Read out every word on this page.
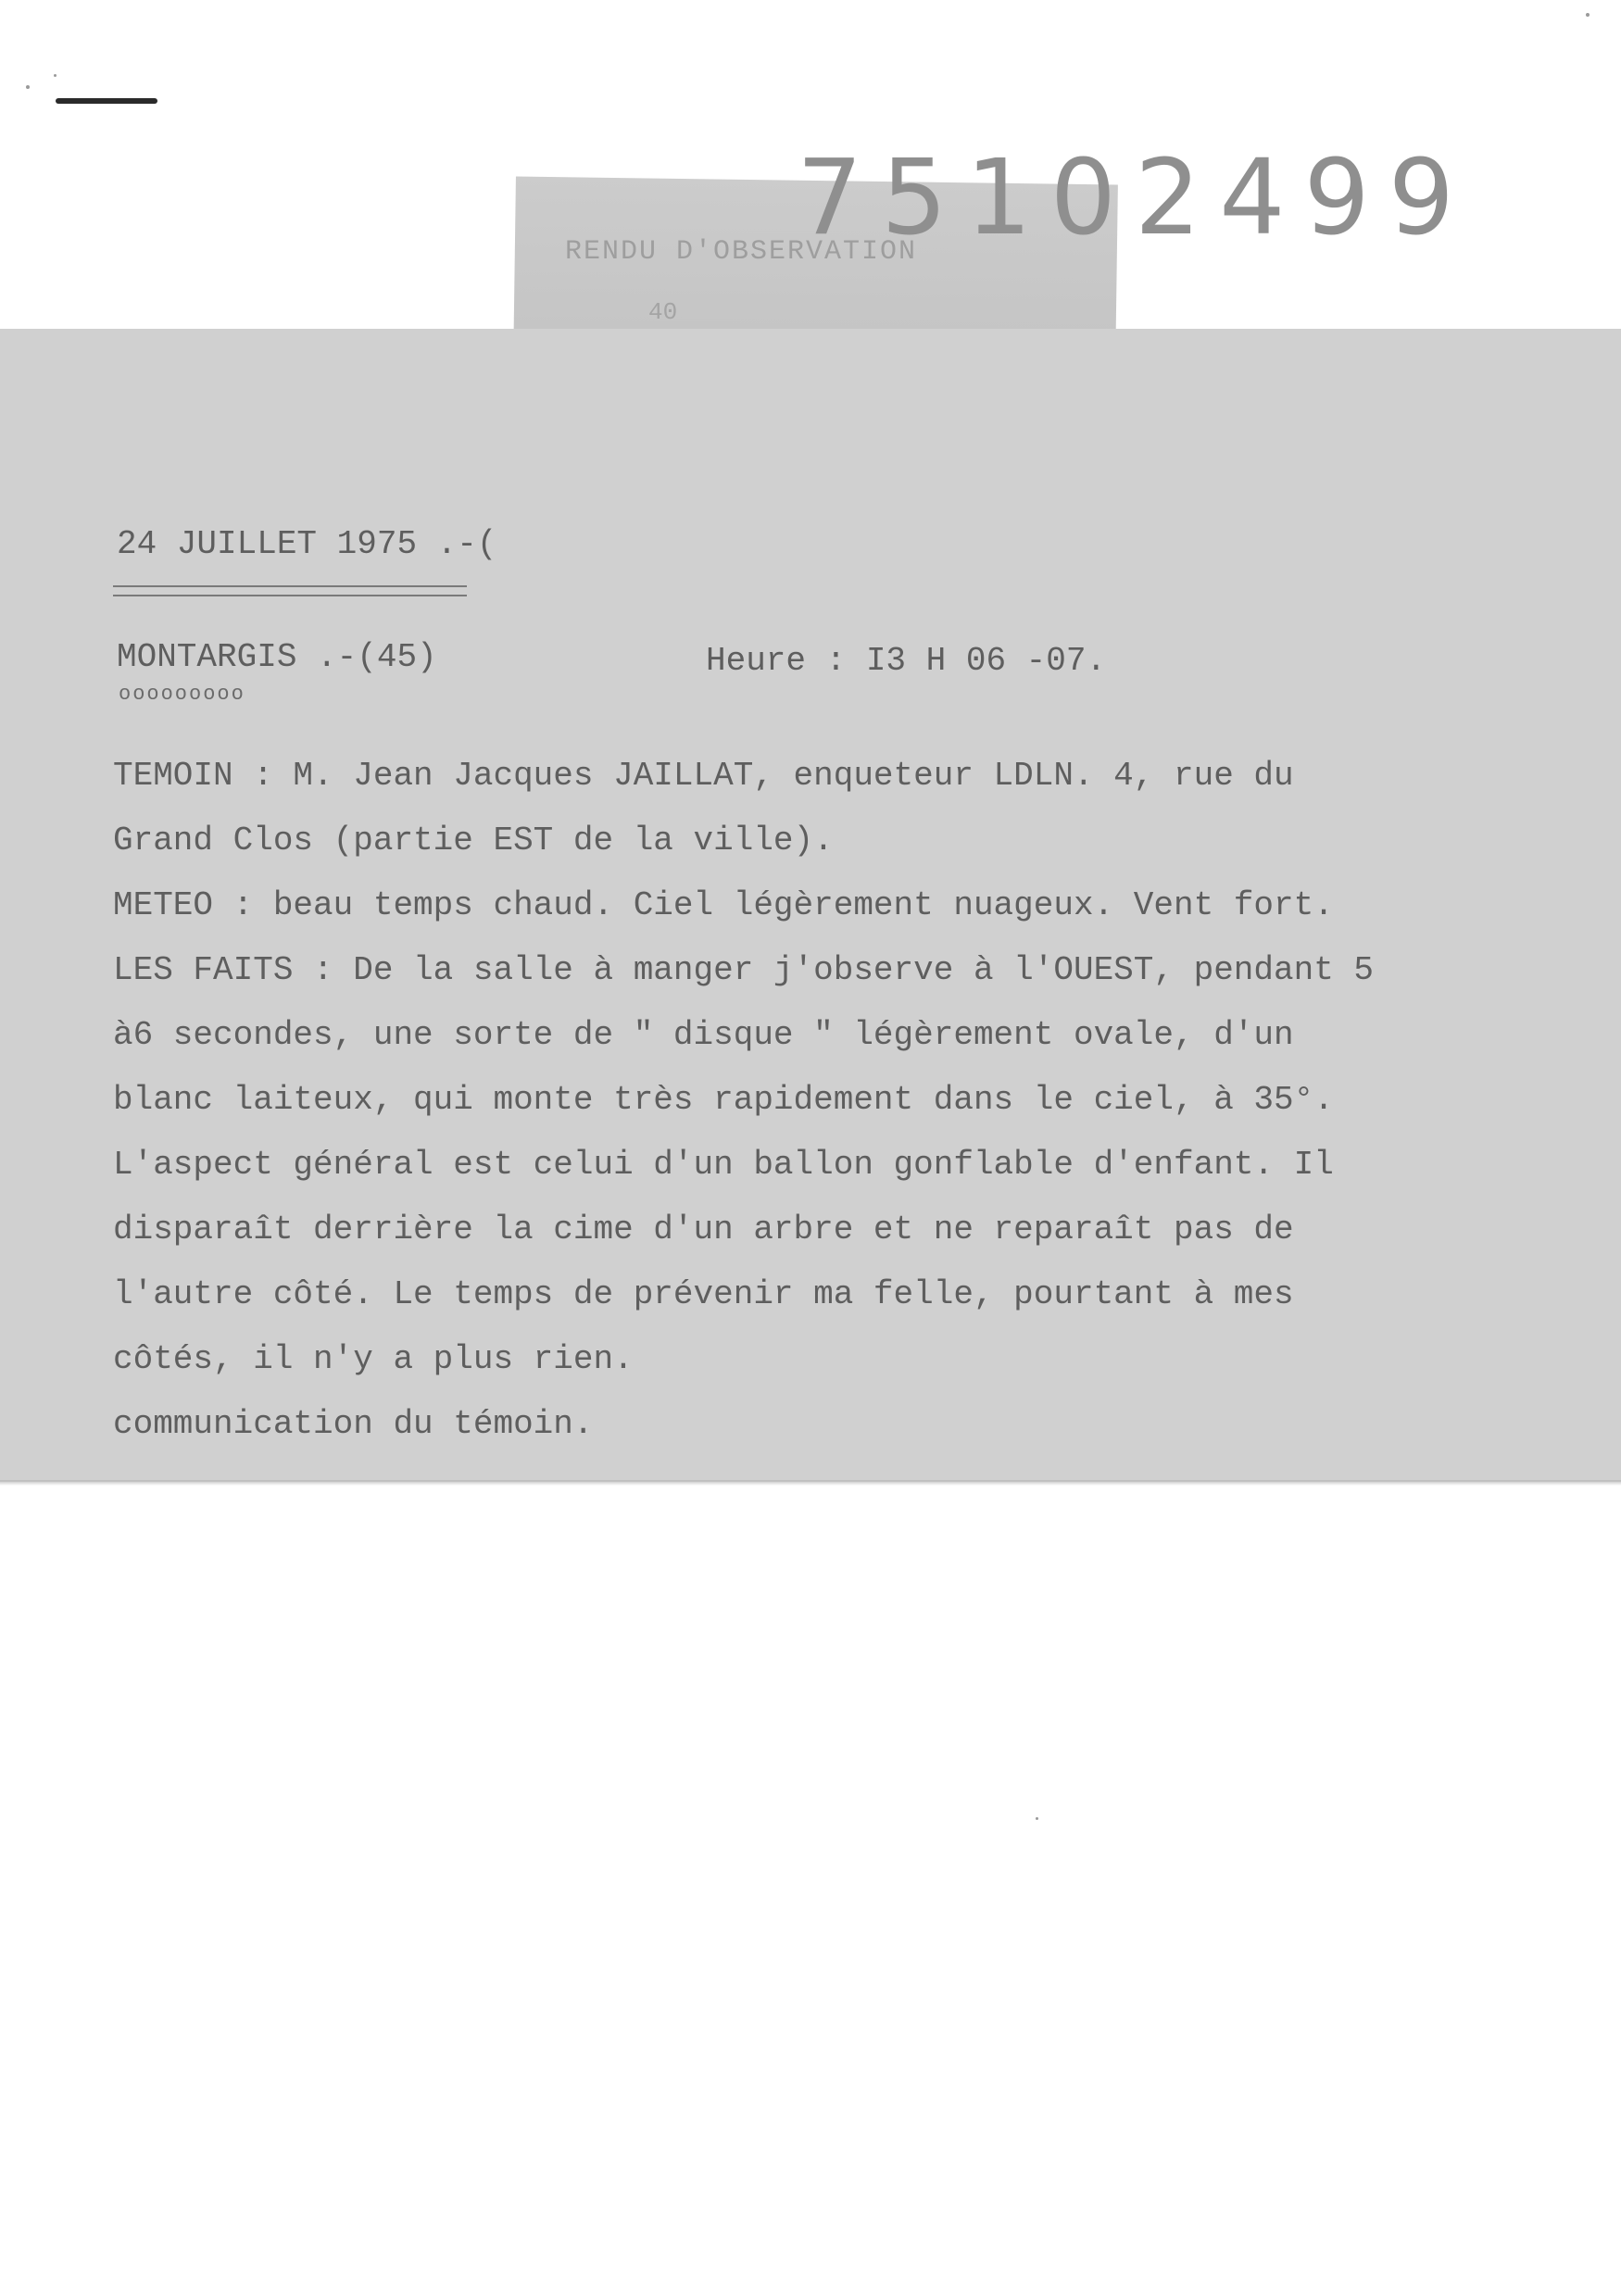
RENDU D'OBSERVATION
40
75102499
24 JUILLET 1975 .-(
MONTARGIS .-(45)
ooooooooo
Heure : I3 H 06 -07.
TEMOIN : M. Jean Jacques JAILLAT, enqueteur LDLN. 4, rue du
Grand Clos (partie EST de la ville).
METEO : beau temps chaud. Ciel légèrement nuageux. Vent fort.
LES FAITS : De la salle à manger j'observe à l'OUEST, pendant 5
à6 secondes, une sorte de " disque " légèrement ovale, d'un
blanc laiteux, qui monte très rapidement dans le ciel, à 35°.
L'aspect général est celui d'un ballon gonflable d'enfant. Il
disparaît derrière la cime d'un arbre et ne reparaît pas de
l'autre côté. Le temps de prévenir ma felle, pourtant à mes
côtés, il n'y a plus rien.
communication du témoin.
